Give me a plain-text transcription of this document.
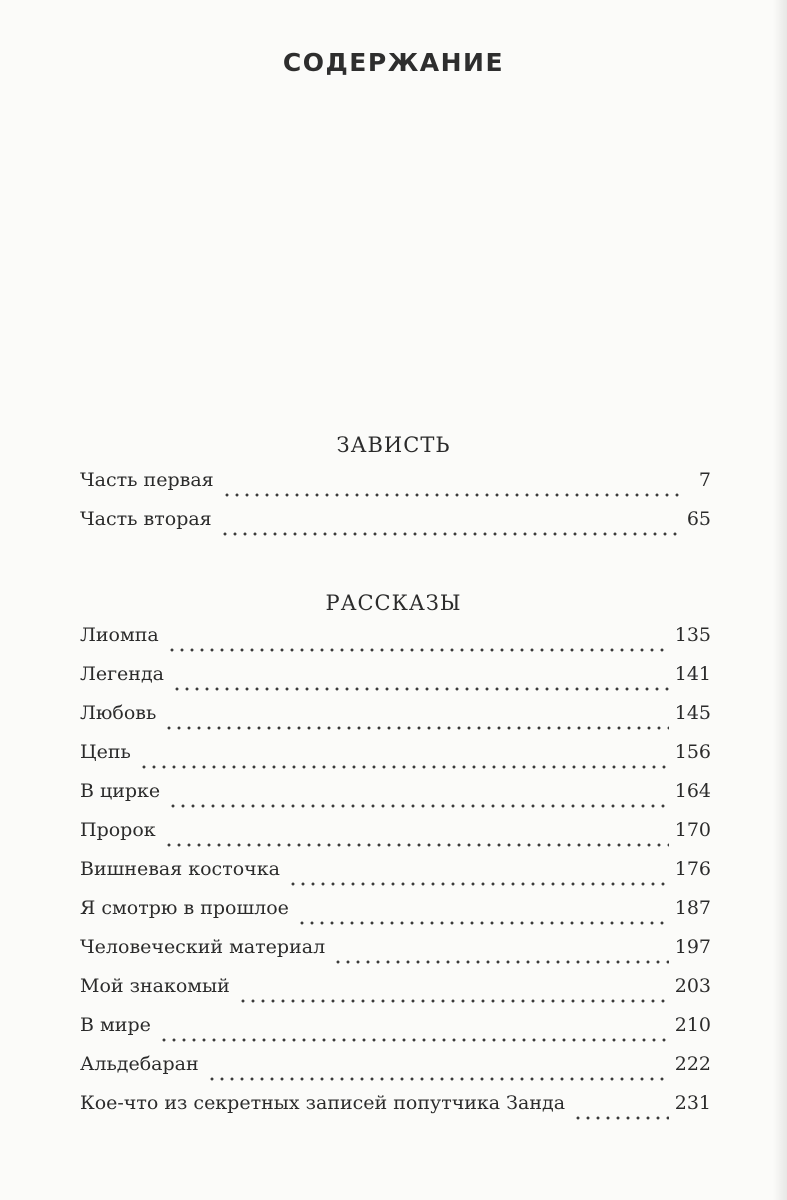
СОДЕРЖАНИЕ
ЗАВИСТЬ
Часть первая	7
Часть вторая	65
РАССКАЗЫ
Лиомпа	135
Легенда	141
Любовь	145
Цепь	156
В цирке	164
Пророк	170
Вишневая косточка	176
Я смотрю в прошлое	187
Человеческий материал	197
Мой знакомый	203
В мире	210
Альдебаран	222
Кое-что из секретных записей попутчика Занда	231
